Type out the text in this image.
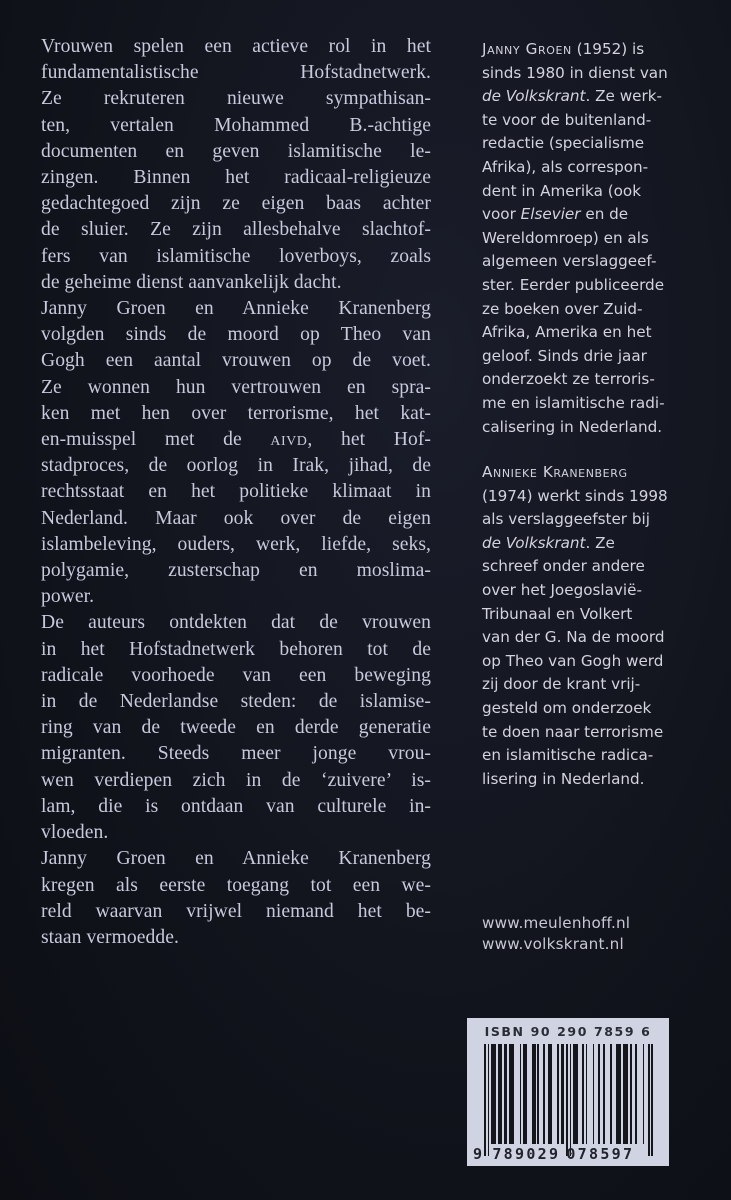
Vrouwen spelen een actieve rol in het
fundamentalistische Hofstadnetwerk.
Ze rekruteren nieuwe sympathisan-
ten, vertalen Mohammed B.-achtige
documenten en geven islamitische le-
zingen. Binnen het radicaal-religieuze
gedachtegoed zijn ze eigen baas achter
de sluier. Ze zijn allesbehalve slachtof-
fers van islamitische loverboys, zoals
de geheime dienst aanvankelijk dacht.

Janny Groen en Annieke Kranenberg
volgden sinds de moord op Theo van
Gogh een aantal vrouwen op de voet.
Ze wonnen hun vertrouwen en spra-
ken met hen over terrorisme, het kat-
en-muisspel met de aivd, het Hof-
stadproces, de oorlog in Irak, jihad, de
rechtsstaat en het politieke klimaat in
Nederland. Maar ook over de eigen
islambeleving, ouders, werk, liefde, seks,
polygamie, zusterschap en moslima-
power.

De auteurs ontdekten dat de vrouwen
in het Hofstadnetwerk behoren tot de
radicale voorhoede van een beweging
in de Nederlandse steden: de islamise-
ring van de tweede en derde generatie
migranten. Steeds meer jonge vrou-
wen verdiepen zich in de ‘zuivere’ is-
lam, die is ontdaan van culturele in-
vloeden.

Janny Groen en Annieke Kranenberg
kregen als eerste toegang tot een we-
reld waarvan vrijwel niemand het be-
staan vermoedde.

Janny Groen (1952) is
sinds 1980 in dienst van
de Volkskrant. Ze werk-
te voor de buitenland-
redactie (specialisme
Afrika), als correspon-
dent in Amerika (ook
voor Elsevier en de
Wereldomroep) en als
algemeen verslaggeef-
ster. Eerder publiceerde
ze boeken over Zuid-
Afrika, Amerika en het
geloof. Sinds drie jaar
onderzoekt ze terroris-
me en islamitische radi-
calisering in Nederland.
Annieke Kranenberg
(1974) werkt sinds 1998
als verslaggeefster bij
de Volkskrant. Ze
schreef onder andere
over het Joegoslavië-
Tribunaal en Volkert
van der G. Na de moord
op Theo van Gogh werd
zij door de krant vrij-
gesteld om onderzoek
te doen naar terrorisme
en islamitische radica-
lisering in Nederland.
www.meulenhoff.nl
www.volkskrant.nl
ISBN 90 290 7859 6
9 789029 078597
